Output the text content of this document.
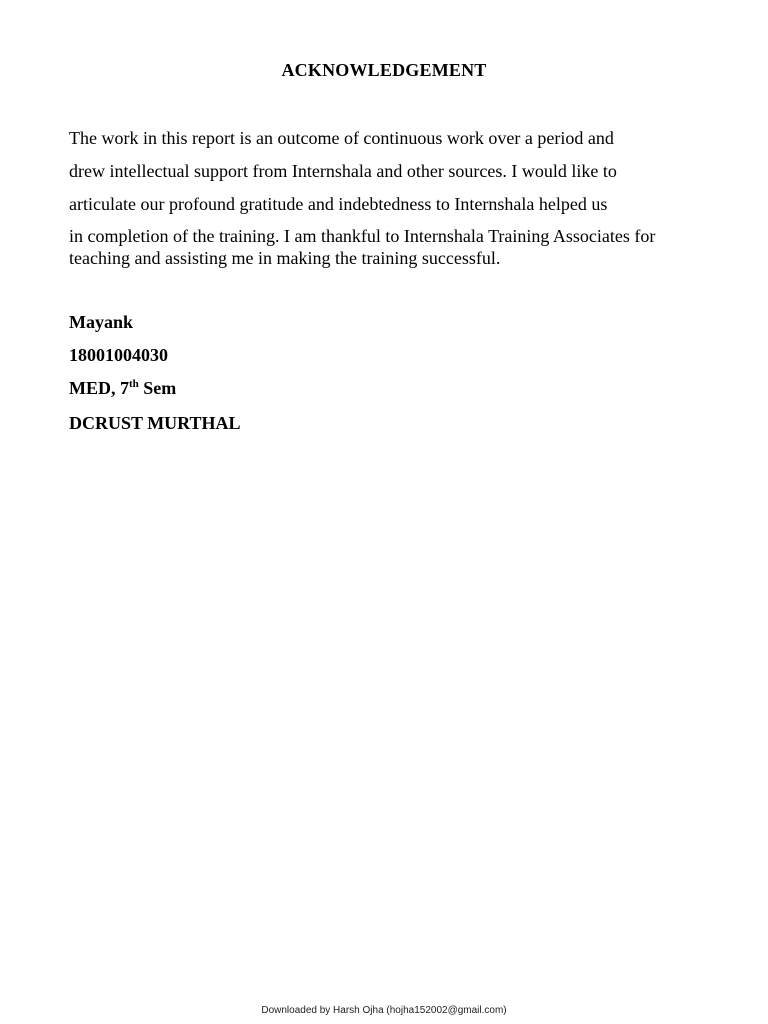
ACKNOWLEDGEMENT
The work in this report is an outcome of continuous work over a period and
drew intellectual support from Internshala and other sources. I would like to
articulate our profound gratitude and indebtedness to Internshala helped us
in completion of the training. I am thankful to Internshala Training Associates for
teaching and assisting me in making the training successful.
Mayank
18001004030
MED, 7th Sem
DCRUST MURTHAL
Downloaded by Harsh Ojha (hojha152002@gmail.com)
